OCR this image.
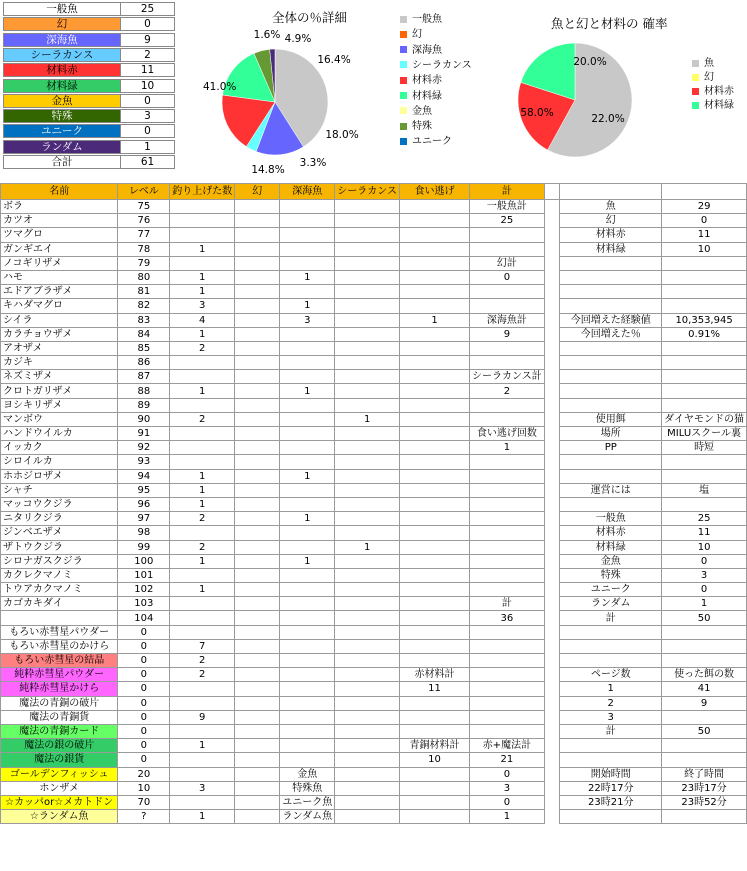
一般魚	25
幻	0
深海魚	9
シーラカンス	2
材料赤	11
材料緑	10
金魚	0
特殊	3
ユニーク	0
ランダム	1
合計	61
全体の％詳細
41.0%
1.6% 4.9%
16.4%
18.0%
3.3%
14.8%
一般魚
幻
深海魚
シーラカンス
材料赤
材料緑
金魚
特殊
ユニーク
魚と幻と材料の 確率
58.0%
20.0%
22.0%
魚
幻
材料赤
材料緑
名前	レベル	釣り上げた数	幻	深海魚	シーラカンス	食い逃げ	計			
ボラ	75						一般魚計		魚	29
カツオ	76						25		幻	0
ツマグロ	77								材料赤	11
ガンギエイ	78	1							材料緑	10
ノコギリザメ	79						幻計			
ハモ	80	1		1			0			
エドアブラザメ	81	1								
キハダマグロ	82	3		1						
シイラ	83	4		3		1	深海魚計		今回増えた経験値	10,353,945
カラチョウザメ	84	1					9		今回増えた％	0.91%
アオザメ	85	2								
カジキ	86									
ネズミザメ	87						シーラカンス計			
クロトガリザメ	88	1		1			2			
ヨシキリザメ	89									
マンボウ	90	2			1				使用餌	ダイヤモンドの猫
ハンドウイルカ	91						食い逃げ回数		場所	MILUスクール裏
イッカク	92						1		PP	時短
シロイルカ	93									
ホホジロザメ	94	1		1						
シャチ	95	1							運営には	塩
マッコウクジラ	96	1								
ニタリクジラ	97	2		1					一般魚	25
ジンベエザメ	98								材料赤	11
ザトウクジラ	99	2			1				材料緑	10
シロナガスクジラ	100	1		1					金魚	0
カクレクマノミ	101								特殊	3
トウアカクマノミ	102	1							ユニーク	0
カゴカキダイ	103						計		ランダム	1
	104						36		計	50
もろい赤彗星パウダー	0									
もろい赤彗星のかけら	0	7								
もろい赤彗星の結晶	0	2								
純粋赤彗星パウダー	0	2				赤材料計			ページ数	使った餌の数
純粋赤彗星かけら	0					11			1	41
魔法の青銅の破片	0								2	9
魔法の青銅貨	0	9							3	
魔法の青銅カード	0								計	50
魔法の銀の破片	0	1				青銅材料計	赤+魔法計			
魔法の銀貨	0					10	21			
ゴールデンフィッシュ	20			金魚			0		開始時間	終了時間
ホンザメ	10	3		特殊魚			3		22時17分	23時17分
☆カッパor☆メカトドン	70			ユニーク魚			0		23時21分	23時52分
☆ランダム魚	?	1		ランダム魚			1			
